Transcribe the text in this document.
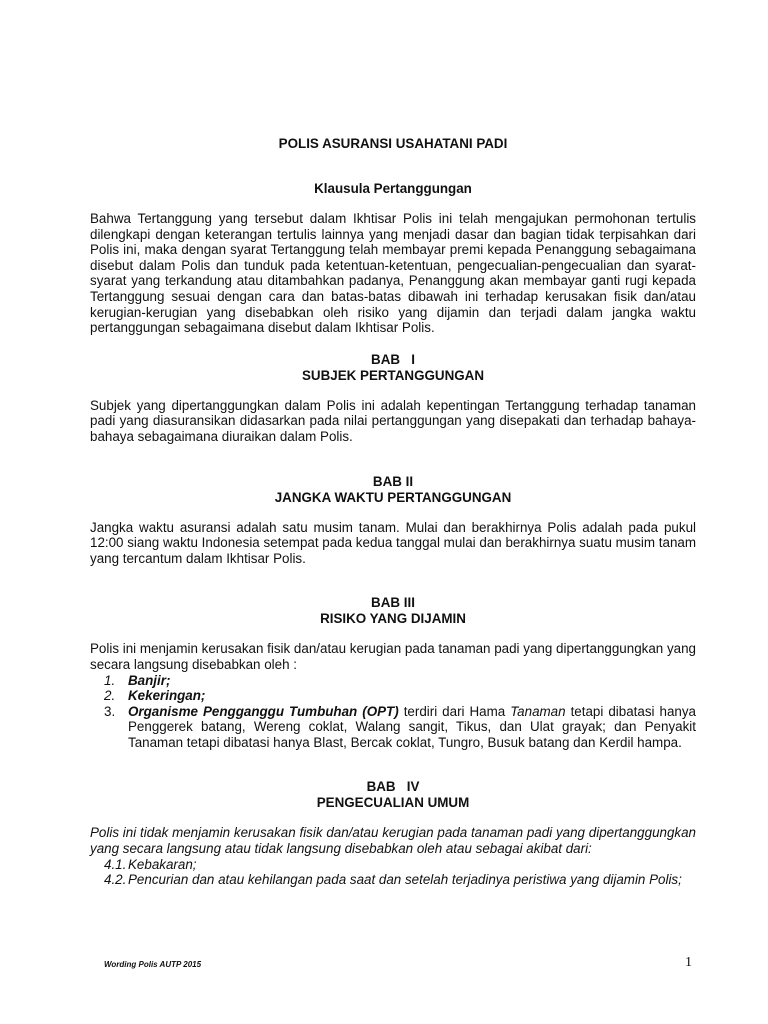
POLIS ASURANSI USAHATANI PADI
Klausula Pertanggungan

Bahwa Tertanggung yang tersebut dalam Ikhtisar Polis ini telah mengajukan permohonan tertulis dilengkapi dengan keterangan tertulis lainnya yang menjadi dasar dan bagian tidak terpisahkan dari Polis ini, maka dengan syarat Tertanggung telah membayar premi kepada Penanggung sebagaimana disebut dalam Polis dan tunduk pada ketentuan-ketentuan, pengecualian-pengecualian dan syarat-syarat yang terkandung atau ditambahkan padanya, Penanggung akan membayar ganti rugi kepada Tertanggung sesuai dengan cara dan batas-batas dibawah ini terhadap kerusakan fisik dan/atau kerugian-kerugian yang disebabkan oleh risiko yang dijamin dan terjadi dalam jangka waktu pertanggungan sebagaimana disebut dalam Ikhtisar Polis.

BAB   I
SUBJEK PERTANGGUNGAN

Subjek yang dipertanggungkan dalam Polis ini adalah kepentingan Tertanggung terhadap tanaman padi yang diasuransikan didasarkan pada nilai pertanggungan yang disepakati dan terhadap bahaya-bahaya sebagaimana diuraikan dalam Polis.

BAB II
JANGKA WAKTU PERTANGGUNGAN

Jangka waktu asuransi adalah satu musim tanam. Mulai dan berakhirnya Polis adalah pada pukul 12:00 siang waktu Indonesia setempat pada kedua tanggal mulai dan berakhirnya suatu musim tanam yang tercantum dalam Ikhtisar Polis.

BAB III
RISIKO YANG DIJAMIN

Polis ini menjamin kerusakan fisik dan/atau kerugian pada tanaman padi yang dipertanggungkan yang secara langsung disebabkan oleh :

1. Banjir;
2. Kekeringan;
3. Organisme Pengganggu Tumbuhan (OPT) terdiri dari Hama Tanaman tetapi dibatasi hanya Penggerek batang, Wereng coklat, Walang sangit, Tikus, dan Ulat grayak; dan Penyakit Tanaman tetapi dibatasi hanya Blast, Bercak coklat, Tungro, Busuk batang dan Kerdil hampa.
BAB   IV
PENGECUALIAN UMUM

Polis ini tidak menjamin kerusakan fisik dan/atau kerugian pada tanaman padi yang dipertanggungkan yang secara langsung atau tidak langsung disebabkan oleh atau sebagai akibat dari:

4.1. Kebakaran;
4.2. Pencurian dan atau kehilangan pada saat dan setelah terjadinya peristiwa yang dijamin Polis;
Wording Polis AUTP 2015	1
